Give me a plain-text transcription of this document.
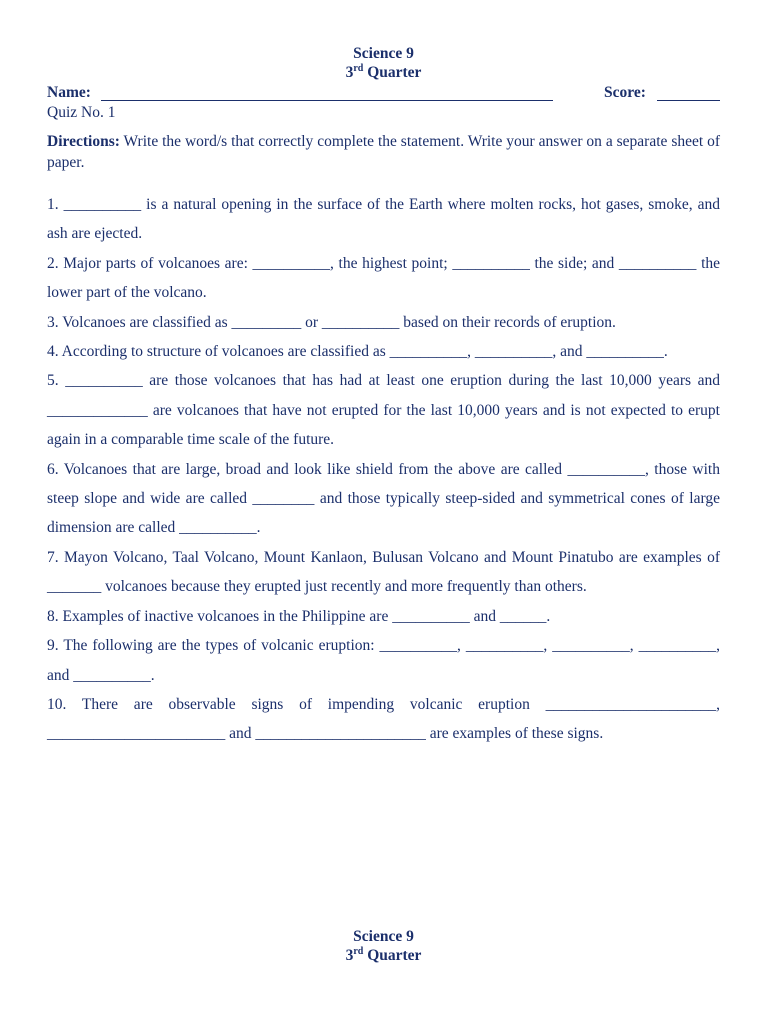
Science 9
3rd Quarter
Name:	Score:
Quiz No. 1
Directions: Write the word/s that correctly complete the statement. Write your answer on a separate sheet of paper.

1. __________ is a natural opening in the surface of the Earth where molten rocks, hot gases, smoke, and ash are ejected.

2. Major parts of volcanoes are: __________, the highest point; __________ the side; and __________ the lower part of the volcano.

3. Volcanoes are classified as _________ or __________ based on their records of eruption.

4. According to structure of volcanoes are classified as __________, __________, and __________.

5. __________ are those volcanoes that has had at least one eruption during the last 10,000 years and _____________ are volcanoes that have not erupted for the last 10,000 years and is not expected to erupt again in a comparable time scale of the future.

6. Volcanoes that are large, broad and look like shield from the above are called __________, those with steep slope and wide are called ________ and those typically steep-sided and symmetrical cones of large dimension are called __________.

7. Mayon Volcano, Taal Volcano, Mount Kanlaon, Bulusan Volcano and Mount Pinatubo are examples of _______ volcanoes because they erupted just recently and more frequently than others.

8. Examples of inactive volcanoes in the Philippine are __________ and ______.

9. The following are the types of volcanic eruption: __________, __________, __________, __________, and __________.

10. There are observable signs of impending volcanic eruption ______________________, _______________________ and ______________________ are examples of these signs.

Science 9
3rd Quarter
